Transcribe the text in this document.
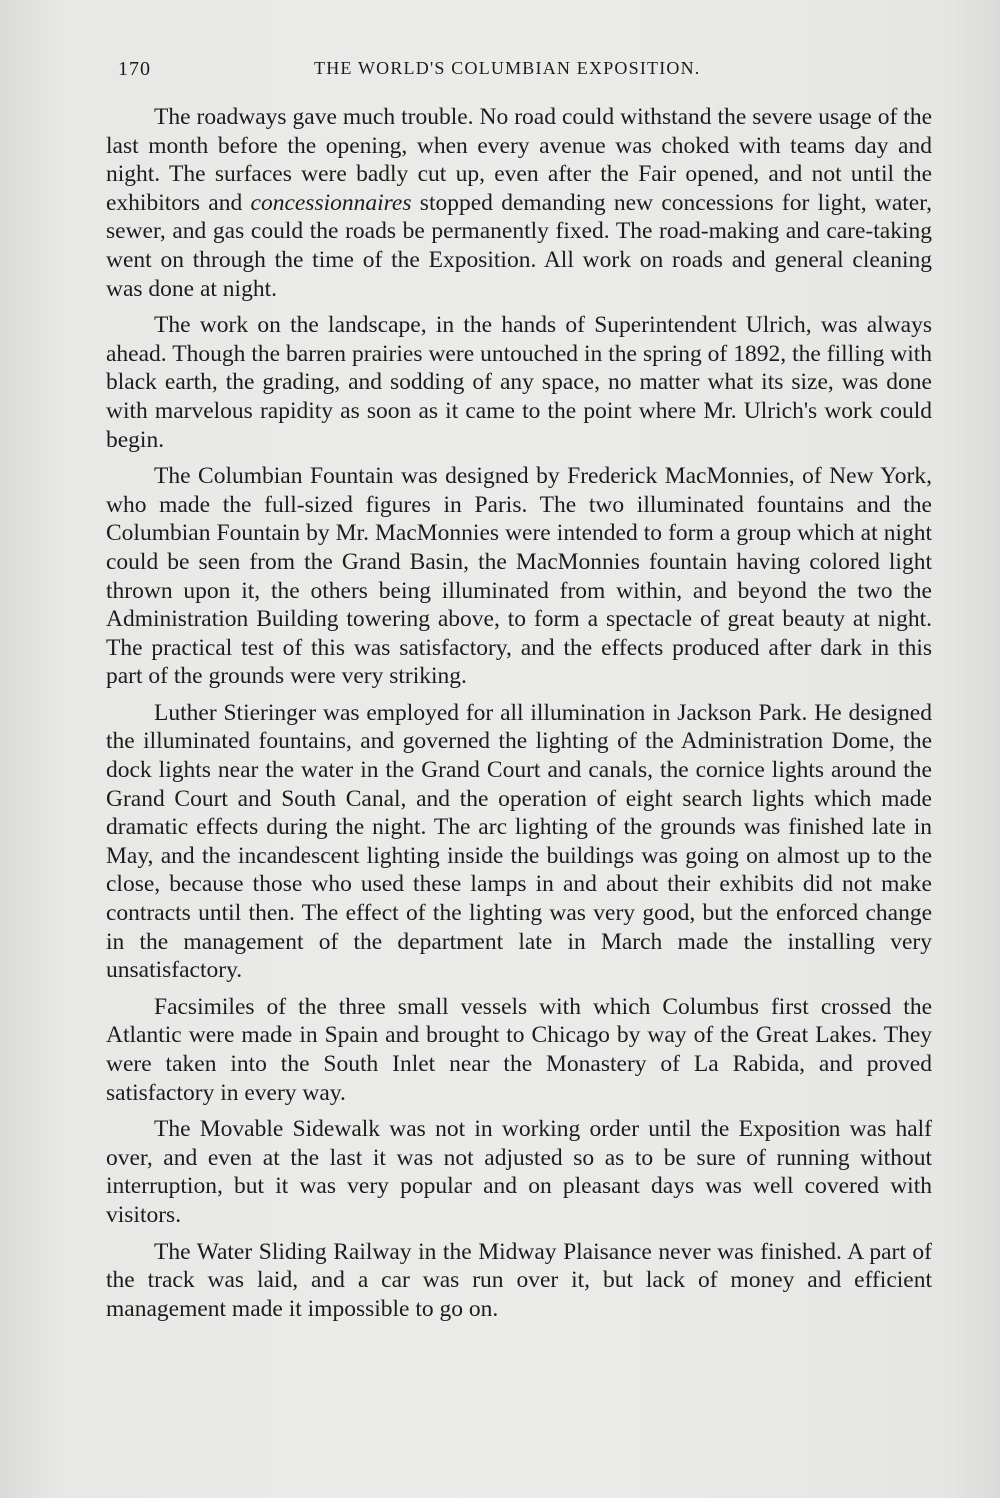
170	THE WORLD'S COLUMBIAN EXPOSITION.

The roadways gave much trouble. No road could withstand the severe usage of the last month before the opening, when every avenue was choked with teams day and night. The surfaces were badly cut up, even after the Fair opened, and not until the exhibitors and concessionnaires stopped demanding new concessions for light, water, sewer, and gas could the roads be permanently fixed. The road-making and care-taking went on through the time of the Exposition. All work on roads and general cleaning was done at night.

The work on the landscape, in the hands of Superintendent Ulrich, was always ahead. Though the barren prairies were untouched in the spring of 1892, the filling with black earth, the grading, and sodding of any space, no matter what its size, was done with marvelous rapidity as soon as it came to the point where Mr. Ulrich's work could begin.

The Columbian Fountain was designed by Frederick MacMonnies, of New York, who made the full-sized figures in Paris. The two illuminated fountains and the Columbian Fountain by Mr. MacMonnies were intended to form a group which at night could be seen from the Grand Basin, the MacMonnies fountain having colored light thrown upon it, the others being illuminated from within, and beyond the two the Administration Building towering above, to form a spectacle of great beauty at night. The practical test of this was satisfactory, and the effects produced after dark in this part of the grounds were very striking.

Luther Stieringer was employed for all illumination in Jackson Park. He designed the illuminated fountains, and governed the lighting of the Administration Dome, the dock lights near the water in the Grand Court and canals, the cornice lights around the Grand Court and South Canal, and the operation of eight search lights which made dramatic effects during the night. The arc lighting of the grounds was finished late in May, and the incandescent lighting inside the buildings was going on almost up to the close, because those who used these lamps in and about their exhibits did not make contracts until then. The effect of the lighting was very good, but the enforced change in the management of the department late in March made the installing very unsatisfactory.

Facsimiles of the three small vessels with which Columbus first crossed the Atlantic were made in Spain and brought to Chicago by way of the Great Lakes. They were taken into the South Inlet near the Monastery of La Rabida, and proved satisfactory in every way.

The Movable Sidewalk was not in working order until the Exposition was half over, and even at the last it was not adjusted so as to be sure of running without interruption, but it was very popular and on pleasant days was well covered with visitors.

The Water Sliding Railway in the Midway Plaisance never was finished. A part of the track was laid, and a car was run over it, but lack of money and efficient management made it impossible to go on.
